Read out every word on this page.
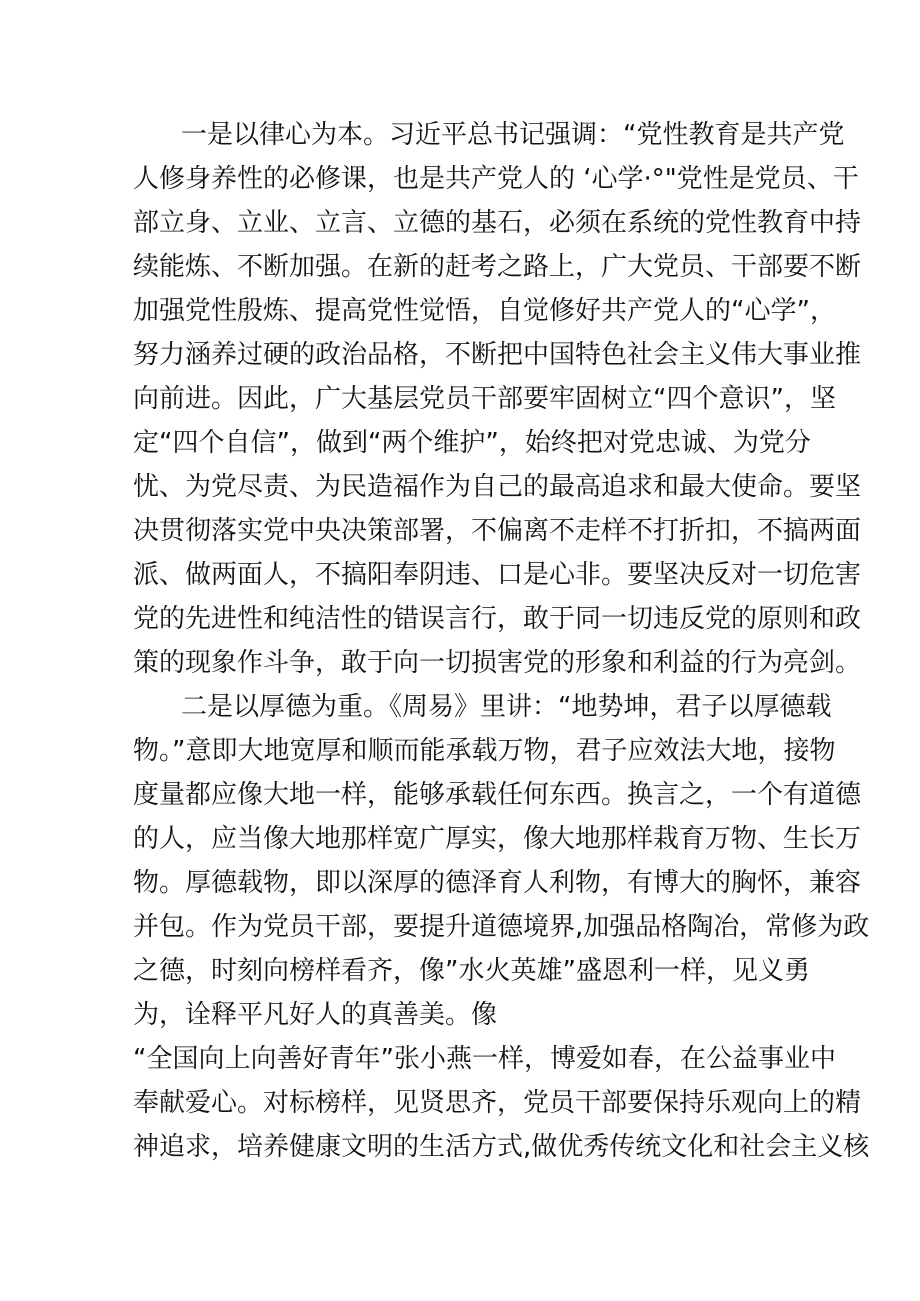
一是以律心为本。习近平总书记强调：“党性教育是共产党

人修身养性的必修课，也是共产党人的 ‘心学·°"党性是党员、干

部立身、立业、立言、立德的基石，必须在系统的党性教育中持

续能炼、不断加强。在新的赶考之路上，广大党员、干部要不断

加强党性殷炼、提高党性觉悟，自觉修好共产党人的“心学”，

努力涵养过硬的政治品格，不断把中国特色社会主义伟大事业推

向前进。因此，广大基层党员干部要牢固树立“四个意识”，坚

定“四个自信”，做到“两个维护”，始终把对党忠诚、为党分

忧、为党尽责、为民造福作为自己的最高追求和最大使命。要坚

决贯彻落实党中央决策部署，不偏离不走样不打折扣，不搞两面

派、做两面人，不搞阳奉阴违、口是心非。要坚决反对一切危害

党的先进性和纯洁性的错误言行，敢于同一切违反党的原则和政

策的现象作斗争，敢于向一切损害党的形象和利益的行为亮剑。

二是以厚德为重。《周易》里讲：“地势坤，君子以厚德载

物。”意即大地宽厚和顺而能承载万物，君子应效法大地，接物

度量都应像大地一样，能够承载任何东西。换言之，一个有道德

的人，应当像大地那样宽广厚实，像大地那样栽育万物、生长万

物。厚德载物，即以深厚的德泽育人利物，有博大的胸怀，兼容

并包。作为党员干部，要提升道德境界,加强品格陶冶，常修为政

之德，时刻向榜样看齐，像”水火英雄”盛恩利一样，见义勇

为，诠释平凡好人的真善美。像

“全国向上向善好青年”张小燕一样，博爱如春，在公益事业中

奉献爱心。对标榜样，见贤思齐，党员干部要保持乐观向上的精

神追求，培养健康文明的生活方式,做优秀传统文化和社会主义核
